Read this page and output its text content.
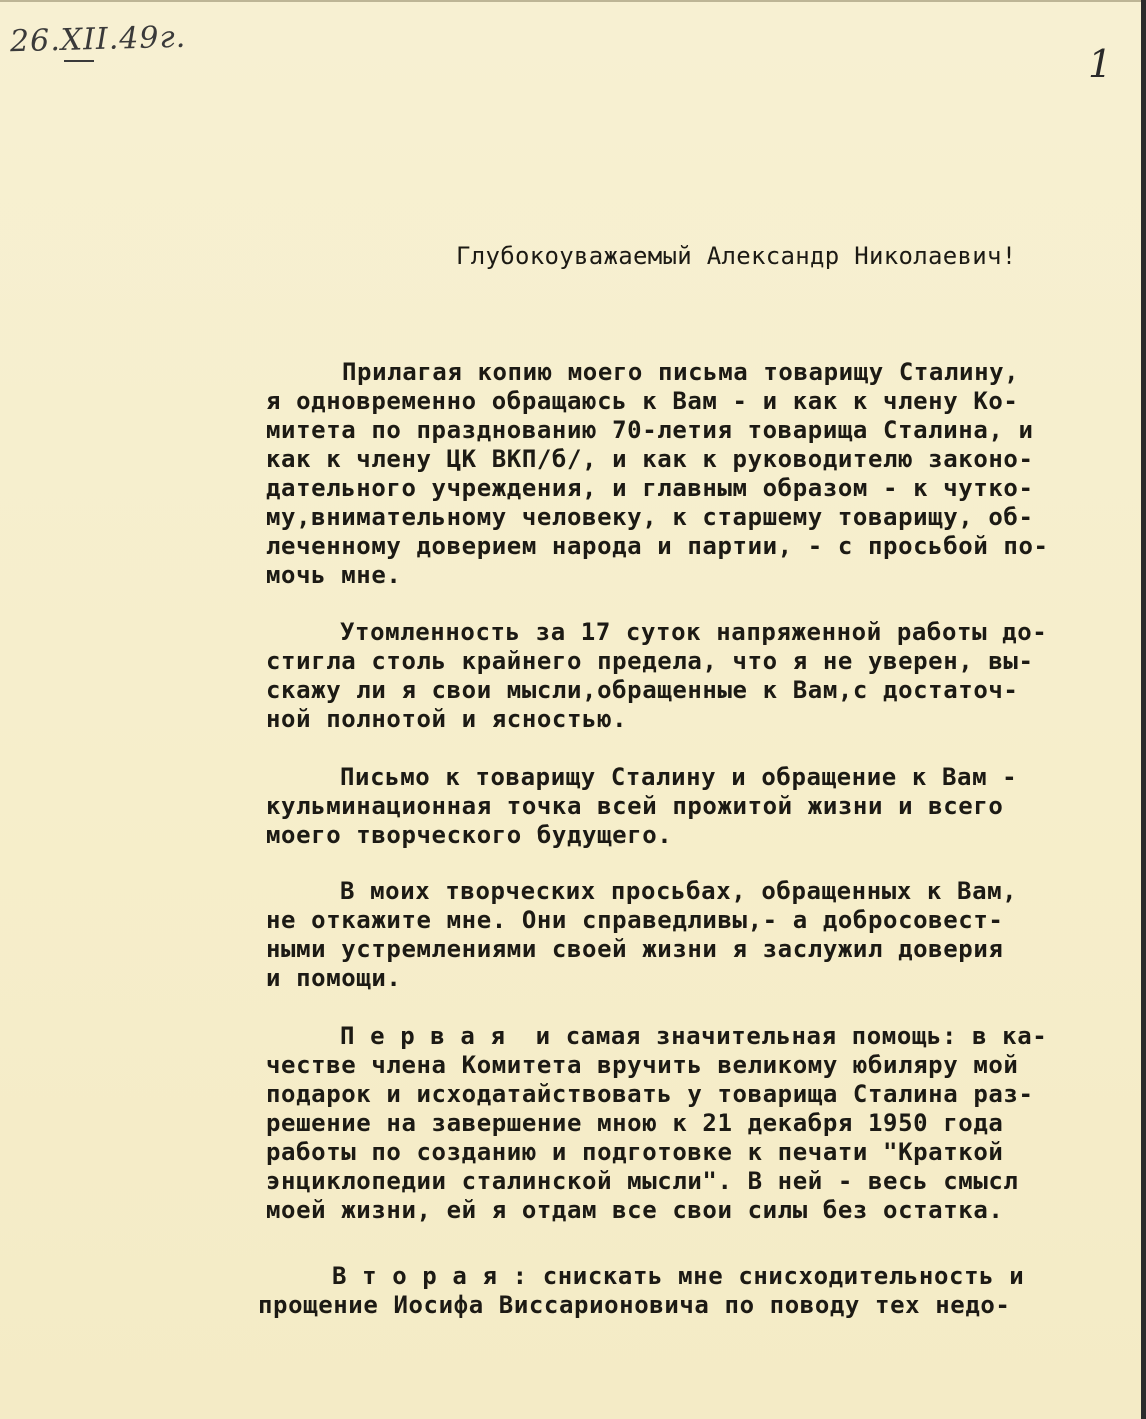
26.XII.49г.
1
Глубокоуважаемый Александр Николаевич!
Прилагая копию моего письма товарищу Сталину,
я одновременно обращаюсь к Вам - и как к члену Ко-
митета по празднованию 70-летия товарища Сталина, и
как к члену ЦК ВКП/б/, и как к руководителю законо-
дательного учреждения, и главным образом - к чутко-
му,внимательному человеку, к старшему товарищу, об-
леченному доверием народа и партии, - с просьбой по-
мочь мне.
Утомленность за 17 суток напряженной работы до-
стигла столь крайнего предела, что я не уверен, вы-
скажу ли я свои мысли,обращенные к Вам,с достаточ-
ной полнотой и ясностью.
Письмо к товарищу Сталину и обращение к Вам -
кульминационная точка всей прожитой жизни и всего
моего творческого будущего.
В моих творческих просьбах, обращенных к Вам,
не откажите мне. Они справедливы,- а добросовест-
ными устремлениями своей жизни я заслужил доверия
и помощи.
П е р в а я  и самая значительная помощь: в ка-
честве члена Комитета вручить великому юбиляру мой
подарок и исходатайствовать у товарища Сталина раз-
решение на завершение мною к 21 декабря 1950 года
работы по созданию и подготовке к печати "Краткой
энциклопедии сталинской мысли". В ней - весь смысл
моей жизни, ей я отдам все свои силы без остатка.
В т о р а я : снискать мне снисходительность и
прощение Иосифа Виссарионовича по поводу тех недо-
